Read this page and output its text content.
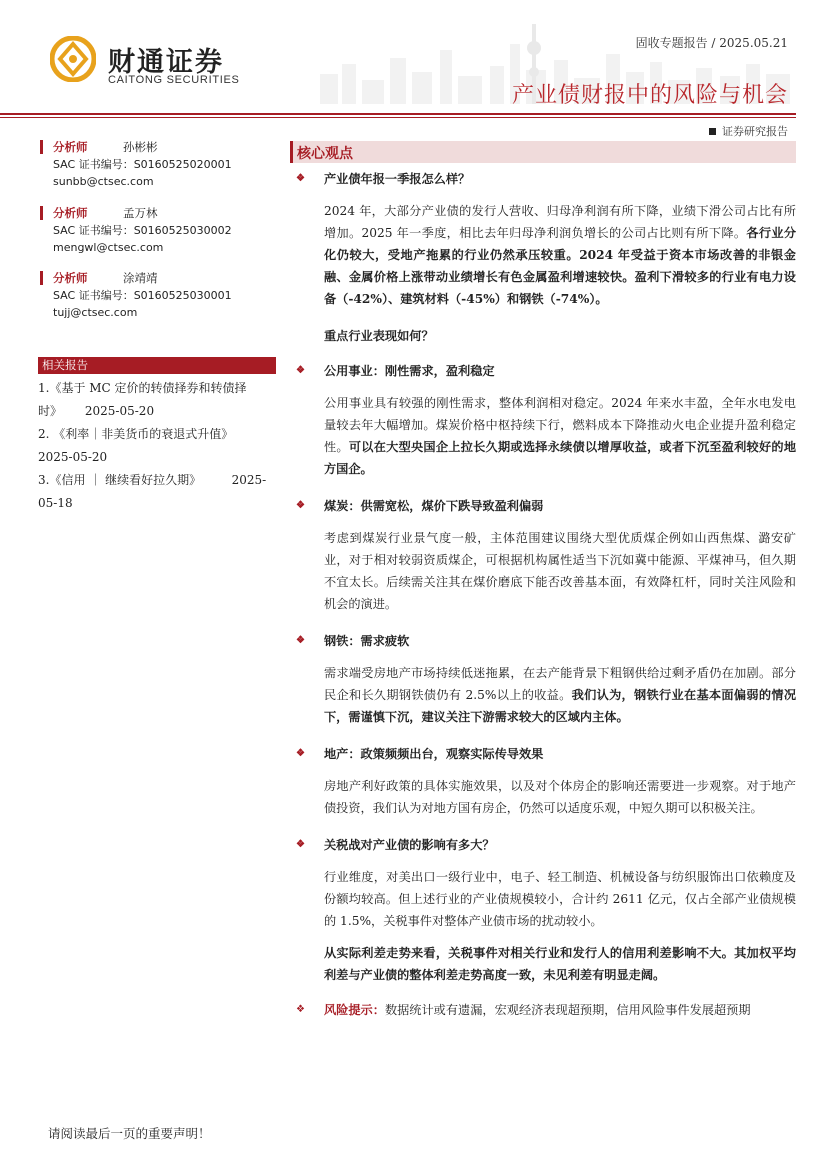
财通证券
CAITONG SECURITIES
固收专题报告 / 2025.05.21
产业债财报中的风险与机会
证券研究报告
分析师	孙彬彬
SAC 证书编号：S0160525020001
sunbb@ctsec.com
分析师	孟万林
SAC 证书编号：S0160525030002
mengwl@ctsec.com
分析师	涂靖靖
SAC 证书编号：S0160525030001
tujj@ctsec.com
相关报告
1.《基于 MC 定价的转债择券和转债择
时》      2025-05-20
2. 《利率｜非美货币的衰退式升值》
2025-05-20
3.《信用 ｜ 继续看好拉久期》        2025-
05-18
核心观点
❖ 产业债年报一季报怎么样？
2024 年，大部分产业债的发行人营收、归母净利润有所下降，业绩下滑公司占比有所增加。2025 年一季度，相比去年归母净利润负增长的公司占比则有所下降。各行业分化仍较大，受地产拖累的行业仍然承压较重。2024 年受益于资本市场改善的非银金融、金属价格上涨带动业绩增长有色金属盈利增速较快。盈利下滑较多的行业有电力设备（-42%）、建筑材料（-45%）和钢铁（-74%）。
重点行业表现如何？
❖ 公用事业：刚性需求，盈利稳定
公用事业具有较强的刚性需求，整体利润相对稳定。2024 年来水丰盈，全年水电发电量较去年大幅增加。煤炭价格中枢持续下行，燃料成本下降推动火电企业提升盈利稳定性。可以在大型央国企上拉长久期或选择永续债以增厚收益，或者下沉至盈利较好的地方国企。
❖ 煤炭：供需宽松，煤价下跌导致盈利偏弱
考虑到煤炭行业景气度一般，主体范围建议围绕大型优质煤企例如山西焦煤、潞安矿业，对于相对较弱资质煤企，可根据机构属性适当下沉如冀中能源、平煤神马，但久期不宜太长。后续需关注其在煤价磨底下能否改善基本面，有效降杠杆，同时关注风险和机会的演进。
❖ 钢铁：需求疲软
需求端受房地产市场持续低迷拖累，在去产能背景下粗钢供给过剩矛盾仍在加剧。部分民企和长久期钢铁债仍有 2.5%以上的收益。我们认为，钢铁行业在基本面偏弱的情况下，需谨慎下沉，建议关注下游需求较大的区域内主体。
❖ 地产：政策频频出台，观察实际传导效果
房地产利好政策的具体实施效果，以及对个体房企的影响还需要进一步观察。对于地产债投资，我们认为对地方国有房企，仍然可以适度乐观，中短久期可以积极关注。
❖ 关税战对产业债的影响有多大？
行业维度，对美出口一级行业中，电子、轻工制造、机械设备与纺织服饰出口依赖度及份额均较高。但上述行业的产业债规模较小，合计约 2611 亿元，仅占全部产业债规模的 1.5%，关税事件对整体产业债市场的扰动较小。
从实际利差走势来看，关税事件对相关行业和发行人的信用利差影响不大。其加权平均利差与产业债的整体利差走势高度一致，未见利差有明显走阔。
❖ 风险提示：数据统计或有遗漏，宏观经济表现超预期，信用风险事件发展超预期
请阅读最后一页的重要声明！
